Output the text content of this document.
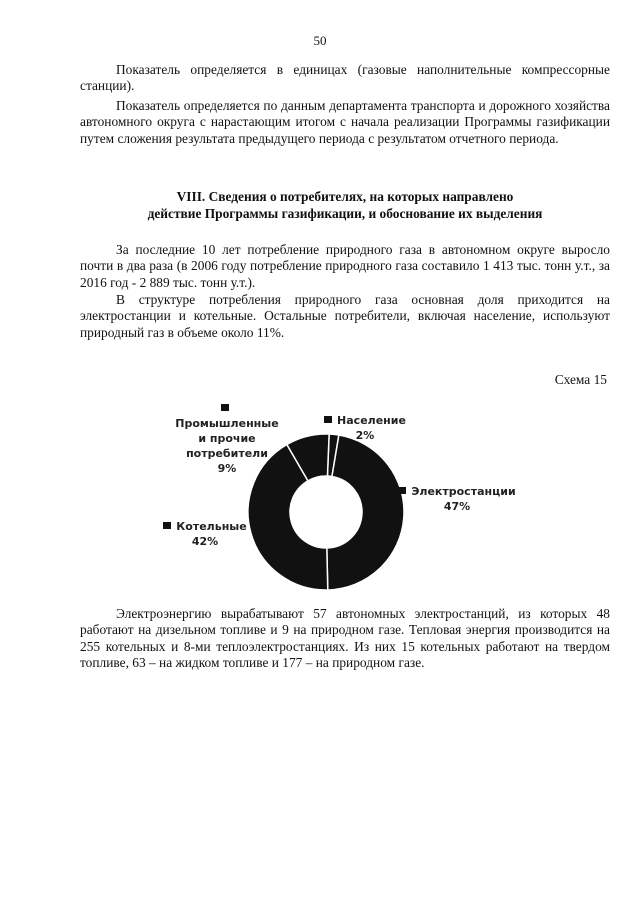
50

Показатель определяется в единицах (газовые наполнительные компрессорные станции).

Показатель определяется по данным департамента транспорта и дорожного хозяйства автономного округа с нарастающим итогом с начала реализации Программы газификации путем сложения результата предыдущего периода с результатом отчетного периода.

VIII. Сведения о потребителях, на которых направлено
действие Программы газификации, и обоснование их выделения

За последние 10 лет потребление природного газа в автономном округе выросло почти в два раза (в 2006 году потребление природного газа составило 1 413 тыс. тонн у.т., за 2016 год - 2 889 тыс. тонн у.т.).

В структуре потребления природного газа основная доля приходится на электростанции и котельные. Остальные потребители, включая население, используют природный газ в объеме около 11%.

Схема 15
Промышленные
и прочие
потребители
9%
Население
2%
Электростанции
47%
Котельные
42%

Электроэнергию вырабатывают 57 автономных электростанций, из которых 48 работают на дизельном топливе и 9 на природном газе. Тепловая энергия производится на 255 котельных и 8-ми теплоэлектростанциях. Из них 15 котельных работают на твердом топливе, 63 – на жидком топливе и 177 – на природном газе.
